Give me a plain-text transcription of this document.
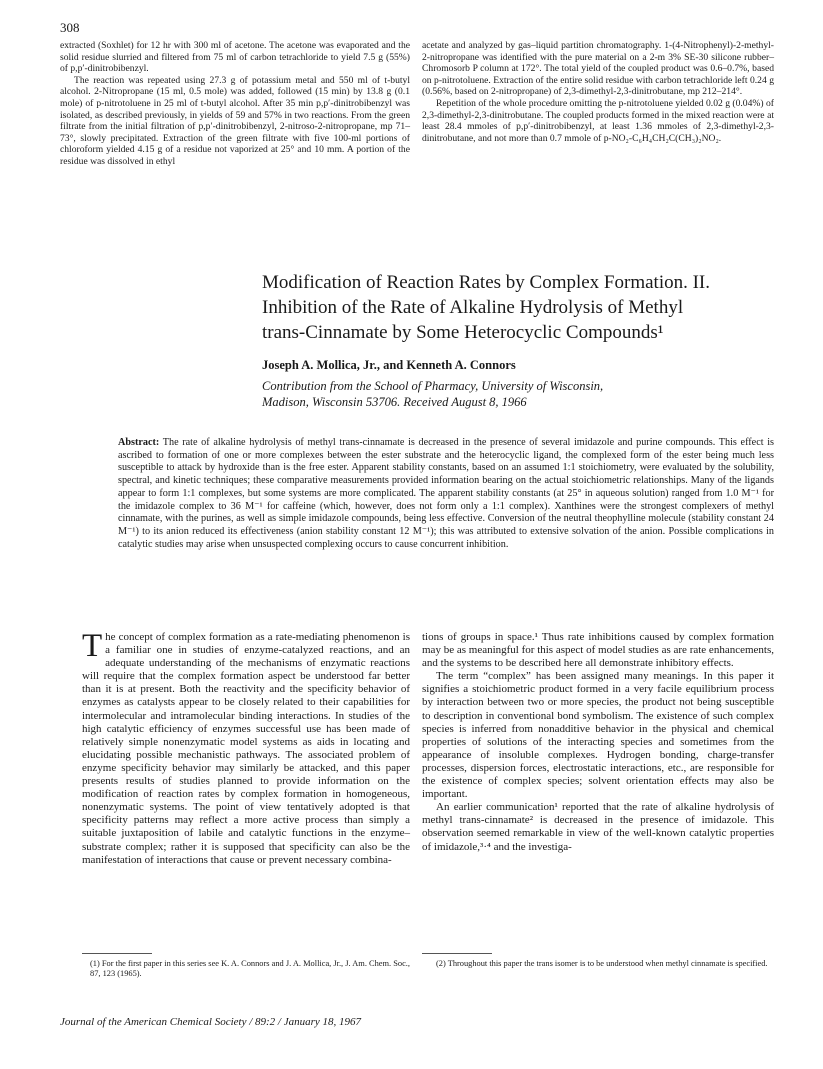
308

extracted (Soxhlet) for 12 hr with 300 ml of acetone. The acetone was evaporated and the solid residue slurried and filtered from 75 ml of carbon tetrachloride to yield 7.5 g (55%) of p,p′-dinitrobibenzyl.

The reaction was repeated using 27.3 g of potassium metal and 550 ml of t-butyl alcohol. 2-Nitropropane (15 ml, 0.5 mole) was added, followed (15 min) by 13.8 g (0.1 mole) of p-nitrotoluene in 25 ml of t-butyl alcohol. After 35 min p,p′-dinitrobibenzyl was isolated, as described previously, in yields of 59 and 57% in two reactions. From the green filtrate from the initial filtration of p,p′-dinitrobibenzyl, 2-nitroso-2-nitropropane, mp 71–73°, slowly precipitated. Extraction of the green filtrate with five 100-ml portions of chloroform yielded 4.15 g of a residue not vaporized at 25° and 10 mm. A portion of the residue was dissolved in ethyl

acetate and analyzed by gas–liquid partition chromatography. 1-(4-Nitrophenyl)-2-methyl-2-nitropropane was identified with the pure material on a 2-m 3% SE-30 silicone rubber–Chromosorb P column at 172°. The total yield of the coupled product was 0.6–0.7%, based on p-nitrotoluene. Extraction of the entire solid residue with carbon tetrachloride left 0.24 g (0.56%, based on 2-nitropropane) of 2,3-dimethyl-2,3-dinitrobutane, mp 212–214°.

Repetition of the whole procedure omitting the p-nitrotoluene yielded 0.02 g (0.04%) of 2,3-dimethyl-2,3-dinitrobutane. The coupled products formed in the mixed reaction were at least 28.4 mmoles of p,p′-dinitrobibenzyl, at least 1.36 mmoles of 2,3-dimethyl-2,3-dinitrobutane, and not more than 0.7 mmole of p-NO₂-C₆H₄CH₂C(CH₃)₂NO₂.

Modification of Reaction Rates by Complex Formation. II.
Inhibition of the Rate of Alkaline Hydrolysis of Methyl
trans-Cinnamate by Some Heterocyclic Compounds¹
Joseph A. Mollica, Jr., and Kenneth A. Connors
Contribution from the School of Pharmacy, University of Wisconsin,
Madison, Wisconsin 53706. Received August 8, 1966
Abstract: The rate of alkaline hydrolysis of methyl trans-cinnamate is decreased in the presence of several imidazole and purine compounds. This effect is ascribed to formation of one or more complexes between the ester substrate and the heterocyclic ligand, the complexed form of the ester being much less susceptible to attack by hydroxide than is the free ester. Apparent stability constants, based on an assumed 1:1 stoichiometry, were evaluated by the solubility, spectral, and kinetic techniques; these comparative measurements provided information bearing on the actual stoichiometric relationships. Many of the ligands appear to form 1:1 complexes, but some systems are more complicated. The apparent stability constants (at 25° in aqueous solution) ranged from 1.0 M⁻¹ for the imidazole complex to 36 M⁻¹ for caffeine (which, however, does not form only a 1:1 complex). Xanthines were the strongest complexers of methyl cinnamate, with the purines, as well as simple imidazole compounds, being less effective. Conversion of the neutral theophylline molecule (stability constant 24 M⁻¹) to its anion reduced its effectiveness (anion stability constant 12 M⁻¹); this was attributed to extensive solvation of the anion. Possible complications in catalytic studies may arise when unsuspected complexing occurs to cause concurrent inhibition.

The concept of complex formation as a rate-mediating phenomenon is a familiar one in studies of enzyme-catalyzed reactions, and an adequate understanding of the mechanisms of enzymatic reactions will require that the complex formation aspect be understood far better than it is at present. Both the reactivity and the specificity behavior of enzymes as catalysts appear to be closely related to their capabilities for intermolecular and intramolecular binding interactions. In studies of the high catalytic efficiency of enzymes successful use has been made of relatively simple nonenzymatic model systems as aids in locating and elucidating possible mechanistic pathways. The associated problem of enzyme specificity behavior may similarly be attacked, and this paper presents results of studies planned to provide information on the modification of reaction rates by complex formation in homogeneous, nonenzymatic systems. The point of view tentatively adopted is that specificity patterns may reflect a more active process than simply a suitable juxtaposition of labile and catalytic functions in the enzyme–substrate complex; rather it is supposed that specificity can also be the manifestation of interactions that cause or prevent necessary combina-

tions of groups in space.¹ Thus rate inhibitions caused by complex formation may be as meaningful for this aspect of model studies as are rate enhancements, and the systems to be described here all demonstrate inhibitory effects.

The term “complex” has been assigned many meanings. In this paper it signifies a stoichiometric product formed in a very facile equilibrium process by interaction between two or more species, the product not being susceptible to description in conventional bond symbolism. The existence of such complex species is inferred from nonadditive behavior in the physical and chemical properties of solutions of the interacting species and sometimes from the appearance of insoluble complexes. Hydrogen bonding, charge-transfer processes, dispersion forces, electrostatic interactions, etc., are responsible for the existence of complex species; solvent orientation effects may also be important.

An earlier communication¹ reported that the rate of alkaline hydrolysis of methyl trans-cinnamate² is decreased in the presence of imidazole. This observation seemed remarkable in view of the well-known catalytic properties of imidazole,³·⁴ and the investiga-

(1) For the first paper in this series see K. A. Connors and J. A. Mollica, Jr., J. Am. Chem. Soc., 87, 123 (1965).
(2) Throughout this paper the trans isomer is to be understood when methyl cinnamate is specified.
Journal of the American Chemical Society / 89:2 / January 18, 1967
